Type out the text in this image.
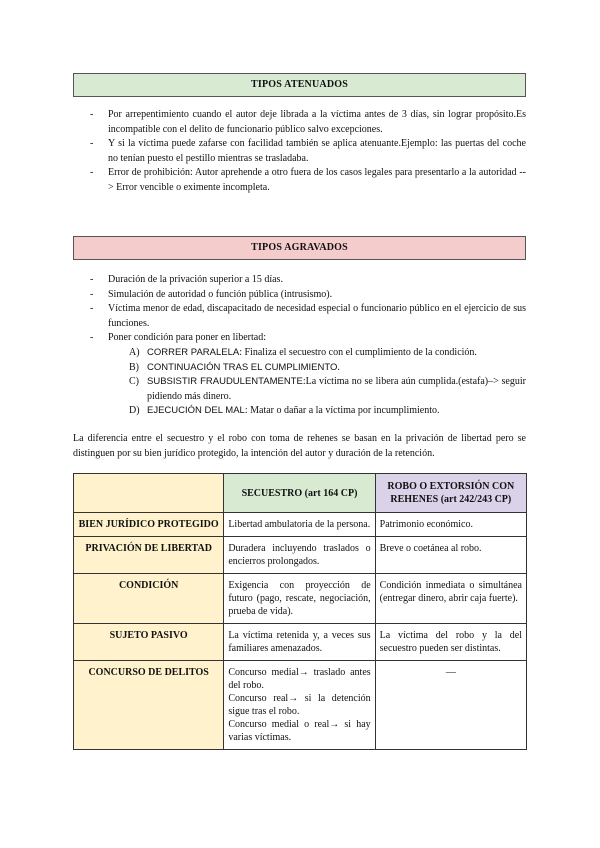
TIPOS ATENUADOS
- Por arrepentimiento cuando el autor deje librada a la víctima antes de 3 días, sin lograr propósito.Es incompatible con el delito de funcionario público salvo excepciones.
- Y si la víctima puede zafarse con facilidad también se aplica atenuante.Ejemplo: las puertas del coche no tenían puesto el pestillo mientras se trasladaba.
- Error de prohibición: Autor aprehende a otro fuera de los casos legales para presentarlo a la autoridad --> Error vencible o eximente incompleta.
TIPOS AGRAVADOS
- Duración de la privación superior a 15 días.
- Simulación de autoridad o función pública (intrusismo).
- Víctima menor de edad, discapacitado de necesidad especial o funcionario público en el ejercicio de sus funciones.
- Poner condición para poner en libertad:
A) CORRER PARALELA: Finaliza el secuestro con el cumplimiento de la condición.
B) CONTINUACIÓN TRAS EL CUMPLIMIENTO.
C) SUBSISTIR FRAUDULENTAMENTE:La víctima no se libera aún cumplida.(estafa)–> seguir pidiendo más dinero.
D) EJECUCIÓN DEL MAL: Matar o dañar a la víctima por incumplimiento.

La diferencia entre el secuestro y el robo con toma de rehenes se basan en la privación de libertad pero se distinguen por su bien jurídico protegido, la intención del autor y duración de la retención.

	SECUESTRO (art 164 CP)	ROBO O EXTORSIÓN CON REHENES (art 242/243 CP)
BIEN JURÍDICO PROTEGIDO	Libertad ambulatoria de la persona.	Patrimonio económico.
PRIVACIÓN DE LIBERTAD	Duradera incluyendo traslados o encierros prolongados.	Breve o coetánea al robo.
CONDICIÓN	Exigencia con proyección de futuro (pago, rescate, negociación, prueba de vida).	Condición inmediata o simultánea (entregar dinero, abrir caja fuerte).
SUJETO PASIVO	La víctima retenida y, a veces sus familiares amenazados.	La víctima del robo y la del secuestro pueden ser distintas.
CONCURSO DE DELITOS	Concurso medial→ traslado antes del robo.
Concurso real→ si la detención sigue tras el robo.
Concurso medial o real→ si hay varias víctimas.	—
